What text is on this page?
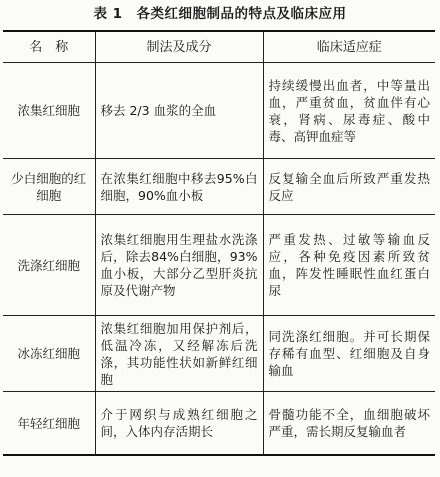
表 1 各类红细胞制品的特点及临床应用
名　称	制法及成分	临床适应症
浓集红细胞	移去 2/3 血浆的全血	持续缓慢出血者，中等量出血，严重贫血，贫血伴有心衰，肾病、尿毒症、酸中毒、高钾血症等
少白细胞的红细胞	在浓集红细胞中移去95%白细胞，90%血小板	反复输全血后所致严重发热反应
洗涤红细胞	浓集红细胞用生理盐水洗涤后，除去84%白细胞，93%血小板，大部分乙型肝炎抗原及代谢产物	严重发热、过敏等输血反应，各种免疫因素所致贫血，阵发性睡眠性血红蛋白尿
冰冻红细胞	浓集红细胞加用保护剂后，低温冷冻，又经解冻后洗涤，其功能性状如新鲜红细胞	同洗涤红细胞。并可长期保存稀有血型、红细胞及自身输血
年轻红细胞	介于网织与成熟红细胞之间，入体内存活期长	骨髓功能不全，血细胞破坏严重，需长期反复输血者
